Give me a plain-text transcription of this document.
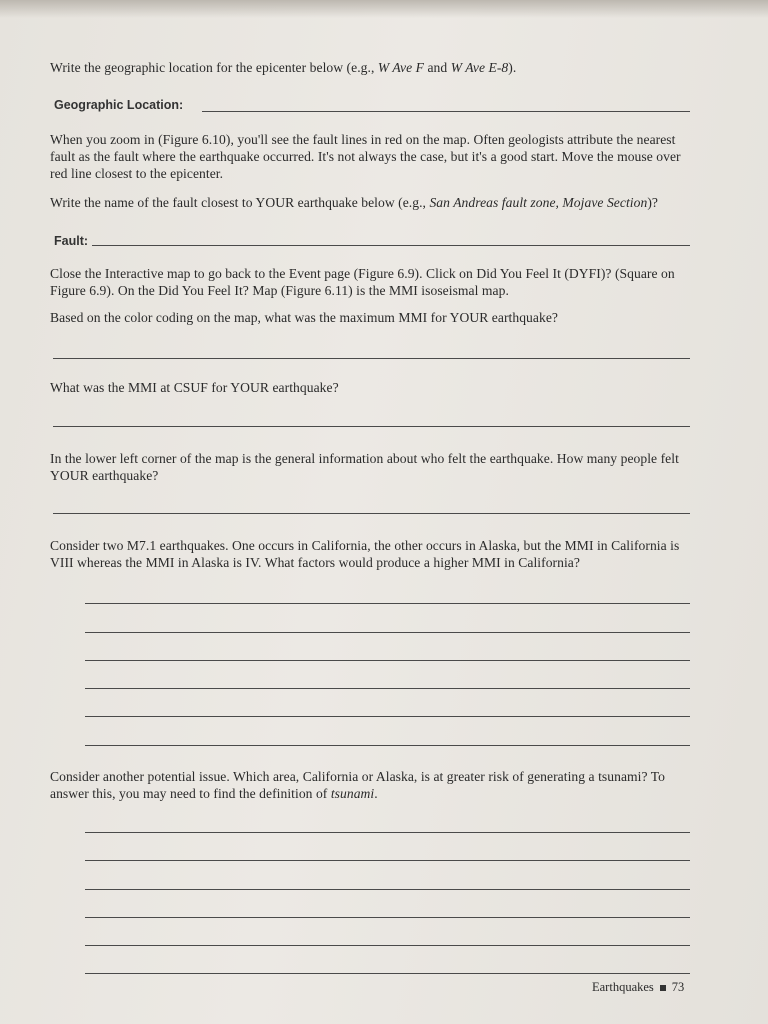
Write the geographic location for the epicenter below (e.g., W Ave F and W Ave E-8).

Geographic Location:

When you zoom in (Figure 6.10), you'll see the fault lines in red on the map. Often geologists attribute the nearest fault as the fault where the earthquake occurred. It's not always the case, but it's a good start. Move the mouse over red line closest to the epicenter.

Write the name of the fault closest to YOUR earthquake below (e.g., San Andreas fault zone, Mojave Section)?

Fault:

Close the Interactive map to go back to the Event page (Figure 6.9). Click on Did You Feel It (DYFI)? (Square on Figure 6.9). On the Did You Feel It? Map (Figure 6.11) is the MMI isoseismal map.

Based on the color coding on the map, what was the maximum MMI for YOUR earthquake?

What was the MMI at CSUF for YOUR earthquake?

In the lower left corner of the map is the general information about who felt the earthquake. How many people felt YOUR earthquake?

Consider two M7.1 earthquakes. One occurs in California, the other occurs in Alaska, but the MMI in California is VIII whereas the MMI in Alaska is IV. What factors would produce a higher MMI in California?

Consider another potential issue. Which area, California or Alaska, is at greater risk of generating a tsunami? To answer this, you may need to find the definition of tsunami.

Earthquakes 73
